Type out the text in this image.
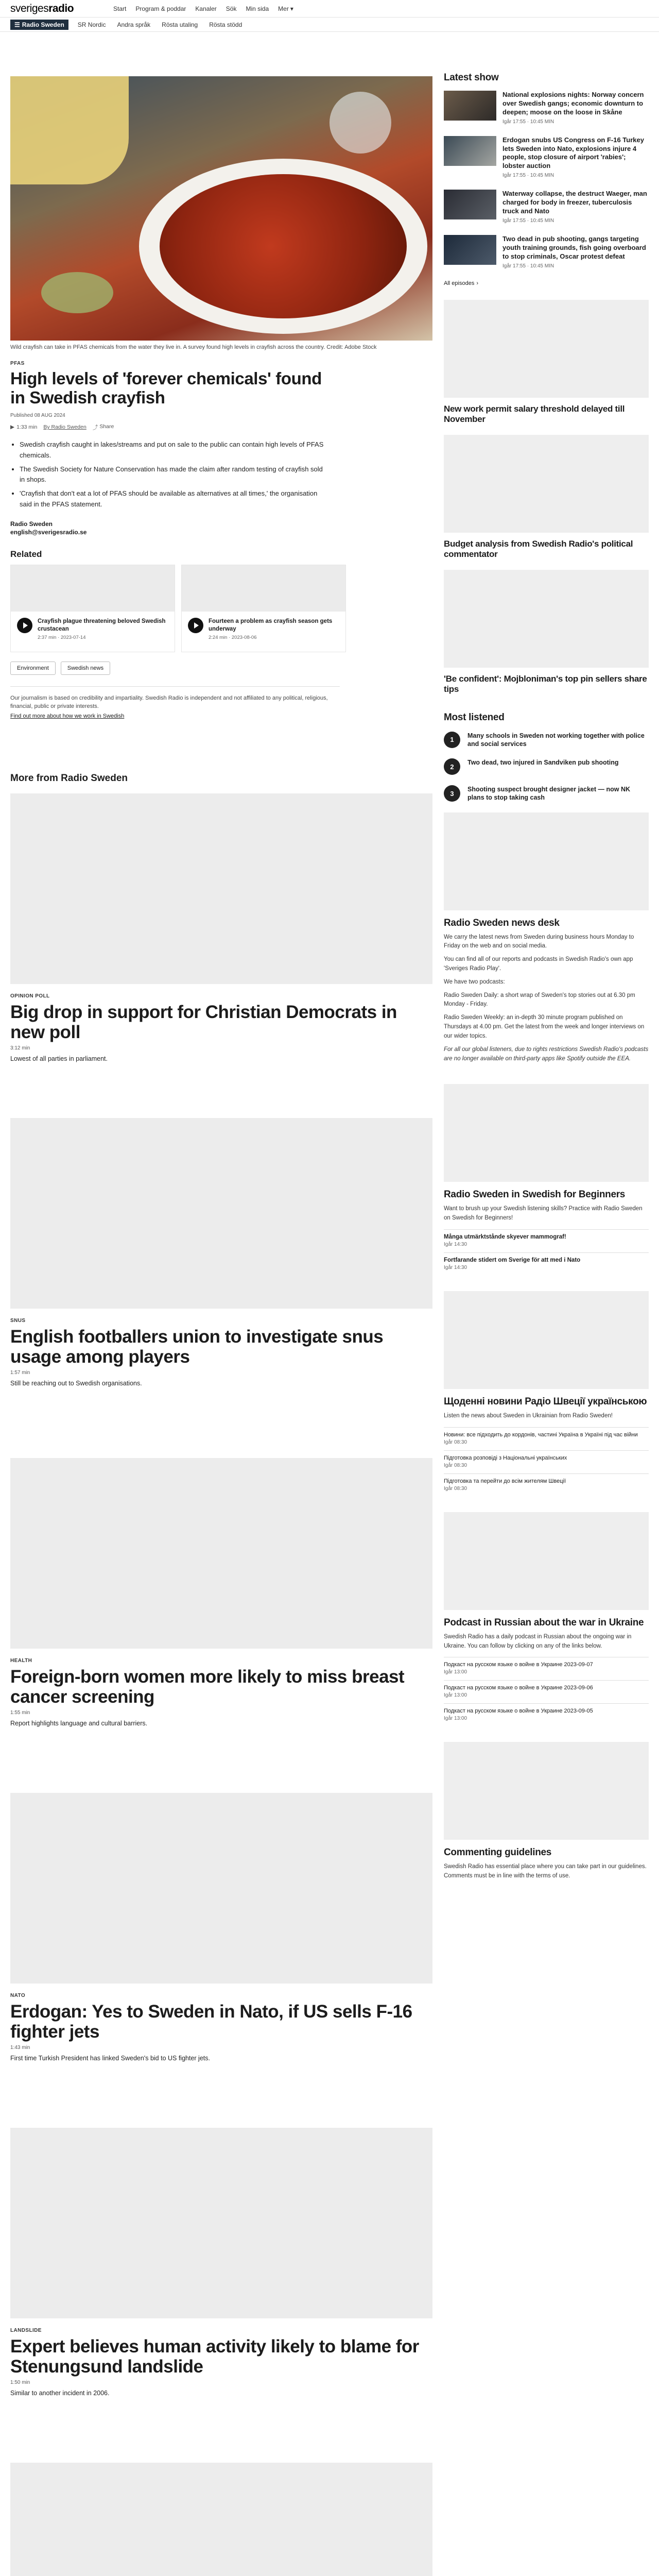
sveriges radio	Start Program & poddar Kanaler Sök Min sida Mer ▾
☰ Radio Sweden SR Nordic Andra språk Rösta utaling Rösta stödd
Wild crayfish can take in PFAS chemicals from the water they live in. A survey found high levels in crayfish across the country. Credit: Adobe Stock
PFAS
High levels of 'forever chemicals' found in Swedish crayfish
Published 08 AUG 2024
▶ 1:33 min By Radio Sweden ⤴ Share
• Swedish crayfish caught in lakes/streams and put on sale to the public can contain high levels of PFAS chemicals.
• The Swedish Society for Nature Conservation has made the claim after random testing of crayfish sold in shops.
• 'Crayfish that don't eat a lot of PFAS should be available as alternatives at all times,' the organisation said in the PFAS statement.
Radio Sweden
english@sverigesradio.se
Related
Crayfish plague threatening beloved Swedish crustacean
2:37 min · 2023-07-14
Fourteen a problem as crayfish season gets underway
2:24 min · 2023-08-06
Environment	Swedish news
Our journalism is based on credibility and impartiality. Swedish Radio is independent and not affiliated to any political, religious, financial, public or private interests.
Find out more about how we work in Swedish
More from Radio Sweden
OPINION POLL
Big drop in support for Christian Democrats in new poll
3:12 min
Lowest of all parties in parliament.
SNUS
English footballers union to investigate snus usage among players
1:57 min
Still be reaching out to Swedish organisations.
HEALTH
Foreign-born women more likely to miss breast cancer screening
1:55 min
Report highlights language and cultural barriers.
NATO
Erdogan: Yes to Sweden in Nato, if US sells F-16 fighter jets
1:43 min
First time Turkish President has linked Sweden's bid to US fighter jets.
LANDSLIDE
Expert believes human activity likely to blame for Stenungsund landslide
1:50 min
Similar to another incident in 2006.
Latest show
National explosions nights: Norway concern over Swedish gangs; economic downturn to deepen; moose on the loose in Skåne
Igår 17:55 · 10:45 MIN
Erdogan snubs US Congress on F-16 Turkey lets Sweden into Nato, explosions injure 4 people, stop closure of airport 'rabies'; lobster auction
Igår 17:55 · 10:45 MIN
Waterway collapse, the destruct Waeger, man charged for body in freezer, tuberculosis truck and Nato
Igår 17:55 · 10:45 MIN
Two dead in pub shooting, gangs targeting youth training grounds, fish going overboard to stop criminals, Oscar protest defeat
Igår 17:55 · 10:45 MIN
All episodes ›
New work permit salary threshold delayed till November
Budget analysis from Swedish Radio's political commentator
'Be confident': Mojbloniman's top pin sellers share tips
Most listened
1
Many schools in Sweden not working together with police and social services
2
Two dead, two injured in Sandviken pub shooting
3
Shooting suspect brought designer jacket — now NK plans to stop taking cash
Radio Sweden news desk

We carry the latest news from Sweden during business hours Monday to Friday on the web and on social media.

You can find all of our reports and podcasts in Swedish Radio's own app 'Sveriges Radio Play'.

We have two podcasts:

Radio Sweden Daily: a short wrap of Sweden's top stories out at 6.30 pm Monday - Friday.

Radio Sweden Weekly: an in-depth 30 minute program published on Thursdays at 4.00 pm. Get the latest from the week and longer interviews on our wider topics.

For all our global listeners, due to rights restrictions Swedish Radio's podcasts are no longer available on third-party apps like Spotify outside the EEA.

Radio Sweden in Swedish for Beginners

Want to brush up your Swedish listening skills? Practice with Radio Sweden on Swedish for Beginners!

Många utmärktstånde skyever mammograf!
Igår 14:30
Fortfarande stidert om Sverige för att med i Nato
Igår 14:30
Щоденні новини Радіо Швеції українською

Listen the news about Sweden in Ukrainian from Radio Sweden!

Новини: все підходить до кордонів, частині Україна в Україні під час війни
Igår 08:30
Підготовка розповіді з Національні українських
Igår 08:30
Підготовка та перейти до всім жителям Швеції
Igår 08:30
Podcast in Russian about the war in Ukraine

Swedish Radio has a daily podcast in Russian about the ongoing war in Ukraine. You can follow by clicking on any of the links below.

Подкаст на русском языке о войне в Украине 2023-09-07
Igår 13:00
Подкаст на русском языке о войне в Украине 2023-09-06
Igår 13:00
Подкаст на русском языке о войне в Украине 2023-09-05
Igår 13:00
Commenting guidelines

Swedish Radio has essential place where you can take part in our guidelines. Comments must be in line with the terms of use.
